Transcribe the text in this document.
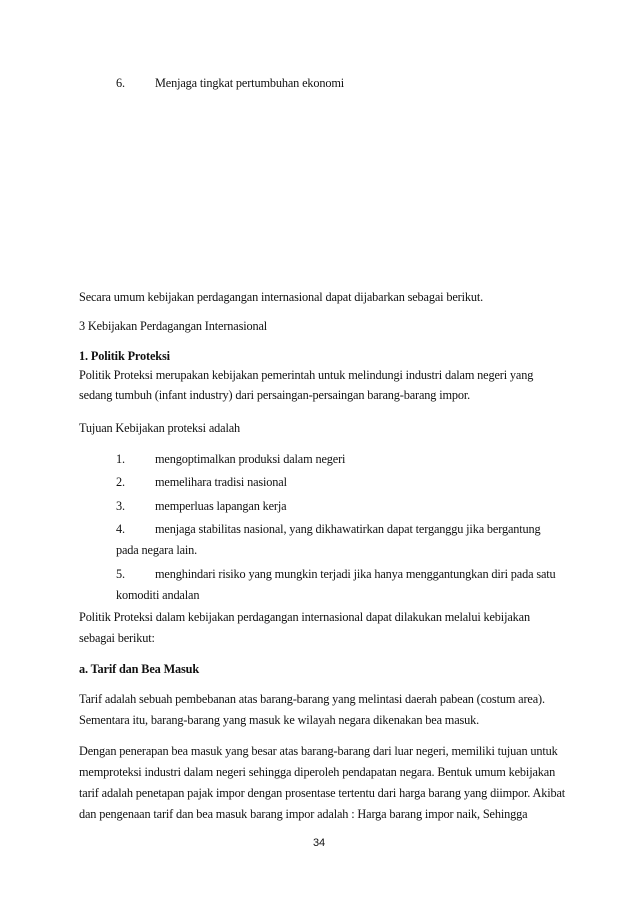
6. Menjaga tingkat pertumbuhan ekonomi
Secara umum kebijakan perdagangan internasional dapat dijabarkan sebagai berikut.
3 Kebijakan Perdagangan Internasional
1. Politik Proteksi
Politik Proteksi merupakan kebijakan pemerintah untuk melindungi industri dalam negeri yang
sedang tumbuh (infant industry) dari persaingan-persaingan barang-barang impor.
Tujuan Kebijakan proteksi adalah
1. mengoptimalkan produksi dalam negeri
2. memelihara tradisi nasional
3. memperluas lapangan kerja
4. menjaga stabilitas nasional, yang dikhawatirkan dapat terganggu jika bergantung
pada negara lain.
5. menghindari risiko yang mungkin terjadi jika hanya menggantungkan diri pada satu
komoditi andalan
Politik Proteksi dalam kebijakan perdagangan internasional dapat dilakukan melalui kebijakan
sebagai berikut:
a. Tarif dan Bea Masuk
Tarif adalah sebuah pembebanan atas barang-barang yang melintasi daerah pabean (costum area).
Sementara itu, barang-barang yang masuk ke wilayah negara dikenakan bea masuk.
Dengan penerapan bea masuk yang besar atas barang-barang dari luar negeri, memiliki tujuan untuk
memproteksi industri dalam negeri sehingga diperoleh pendapatan negara. Bentuk umum kebijakan
tarif adalah penetapan pajak impor dengan prosentase tertentu dari harga barang yang diimpor. Akibat
dan pengenaan tarif dan bea masuk barang impor adalah : Harga barang impor naik, Sehingga
34
